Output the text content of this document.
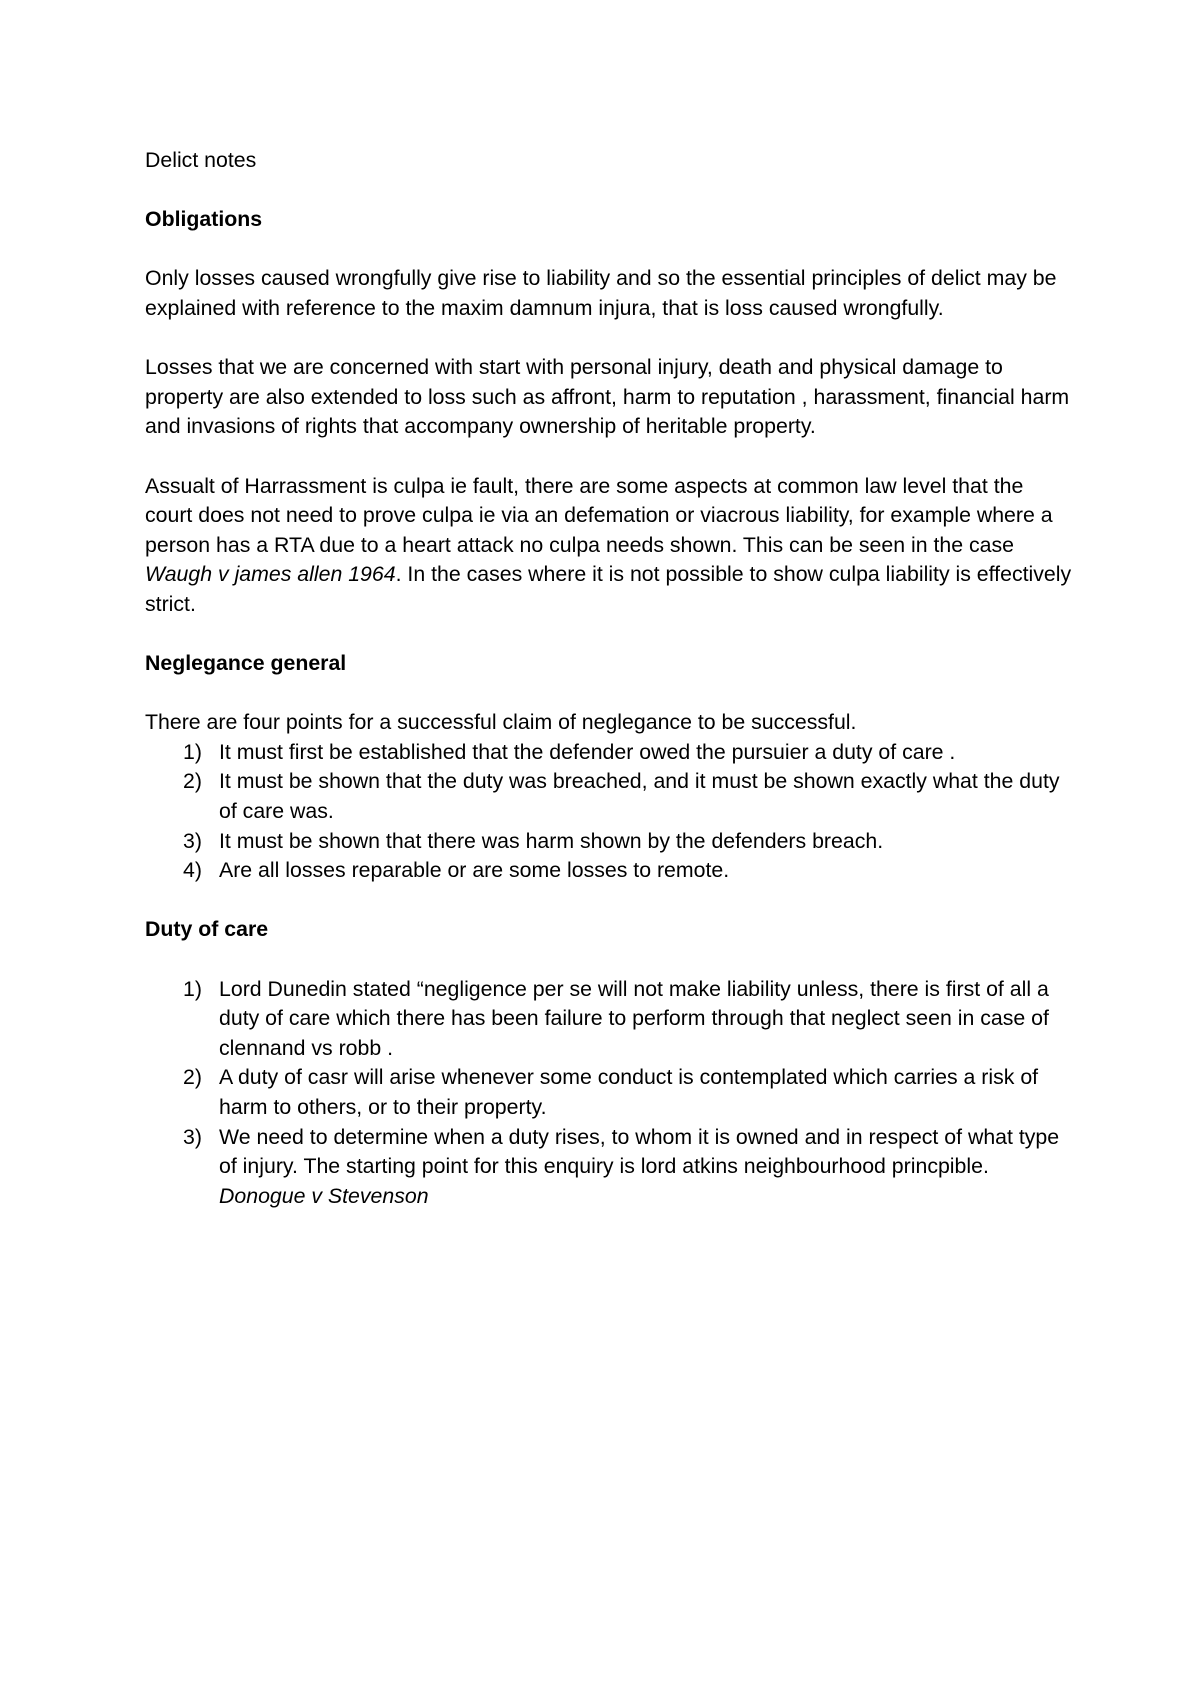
Delict notes

Obligations

Only losses caused wrongfully give rise to liability and so the essential principles of delict may be explained with reference to the maxim damnum injura, that is loss caused wrongfully.

Losses that we are concerned with start with personal injury, death and physical damage to property are also extended to loss such as affront, harm to reputation , harassment, financial harm and invasions of rights that accompany ownership of heritable property.

Assualt of Harrassment is culpa ie fault, there are some aspects at common law level that the court does not need to prove culpa ie via an defemation or viacrous liability, for example where a person has a RTA due to a heart attack no culpa needs shown. This can be seen in the case Waugh v james allen 1964. In the cases where it is not possible to show culpa liability is effectively strict.

Neglegance general

There are four points for a successful claim of neglegance to be successful.

1) It must first be established that the defender owed the pursuier a duty of care .
2) It must be shown that the duty was breached, and it must be shown exactly what the duty of care was.
3) It must be shown that there was harm shown by the defenders breach.
4) Are all losses reparable or are some losses to remote.

Duty of care

1) Lord Dunedin stated “negligence per se will not make liability unless, there is first of all a duty of care which there has been failure to perform through that neglect seen in case of clennand vs robb .
2) A duty of casr will arise whenever some conduct is contemplated which carries a risk of harm to others, or to their property.
3) We need to determine when a duty rises, to whom it is owned and in respect of what type of injury. The starting point for this enquiry is lord atkins neighbourhood princpible. Donogue v Stevenson
